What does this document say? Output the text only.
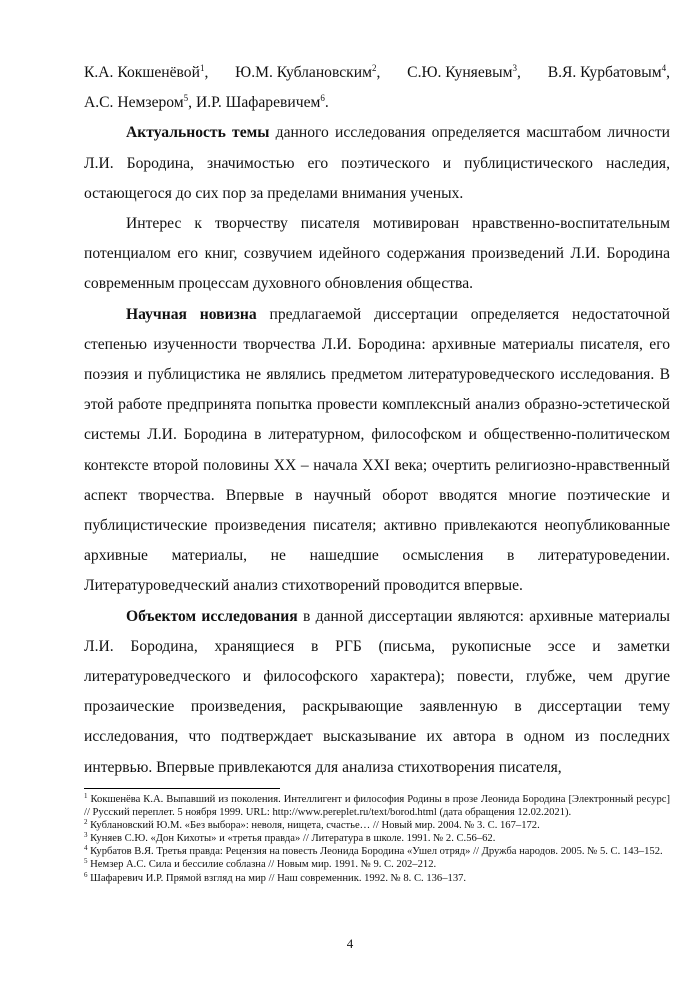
К.А. Кокшенёвой$^1$, Ю.М. Кублановским$^2$, С.Ю. Куняевым$^3$, В.Я. Курбатовым$^4$,

А.С. Немзером$^5$, И.Р. Шафаревичем$^6$.

Актуальность темы данного исследования определяется масштабом личности Л.И. Бородина, значимостью его поэтического и публицистического наследия, остающегося до сих пор за пределами внимания ученых.

Интерес к творчеству писателя мотивирован нравственно-воспитательным потенциалом его книг, созвучием идейного содержания произведений Л.И. Бородина современным процессам духовного обновления общества.

Научная новизна предлагаемой диссертации определяется недостаточной степенью изученности творчества Л.И. Бородина: архивные материалы писателя, его поэзия и публицистика не являлись предметом литературоведческого исследования. В этой работе предпринята попытка провести комплексный анализ образно-эстетической системы Л.И. Бородина в литературном, философском и общественно-политическом контексте второй половины XX – начала XXI века; очертить религиозно-нравственный аспект творчества. Впервые в научный оборот вводятся многие поэтические и публицистические произведения писателя; активно привлекаются неопубликованные архивные материалы, не нашедшие осмысления в литературоведении. Литературоведческий анализ стихотворений проводится впервые.

Объектом исследования в данной диссертации являются: архивные материалы Л.И. Бородина, хранящиеся в РГБ (письма, рукописные эссе и заметки литературоведческого и философского характера); повести, глубже, чем другие прозаические произведения, раскрывающие заявленную в диссертации тему исследования, что подтверждает высказывание их автора в одном из последних интервью. Впервые привлекаются для анализа стихотворения писателя,

$^1$ Кокшенёва К.А. Выпавший из поколения. Интеллигент и философия Родины в прозе Леонида Бородина [Электронный ресурс] // Русский переплет. 5 ноября 1999. URL: http://www.pereplet.ru/text/borod.html (дата обращения 12.02.2021).

$^2$ Кублановский Ю.М. «Без выбора»: неволя, нищета, счастье… // Новый мир. 2004. № 3. С. 167–172.

$^3$ Куняев С.Ю. «Дон Кихоты» и «третья правда» // Литература в школе. 1991. № 2. С.56–62.

$^4$ Курбатов В.Я. Третья правда: Рецензия на повесть Леонида Бородина «Ушел отряд» // Дружба народов. 2005. № 5. С. 143–152.

$^5$ Немзер А.С. Сила и бессилие соблазна // Новым мир. 1991. № 9. С. 202–212.

$^6$ Шафаревич И.Р. Прямой взгляд на мир // Наш современник. 1992. № 8. С. 136–137.

4
